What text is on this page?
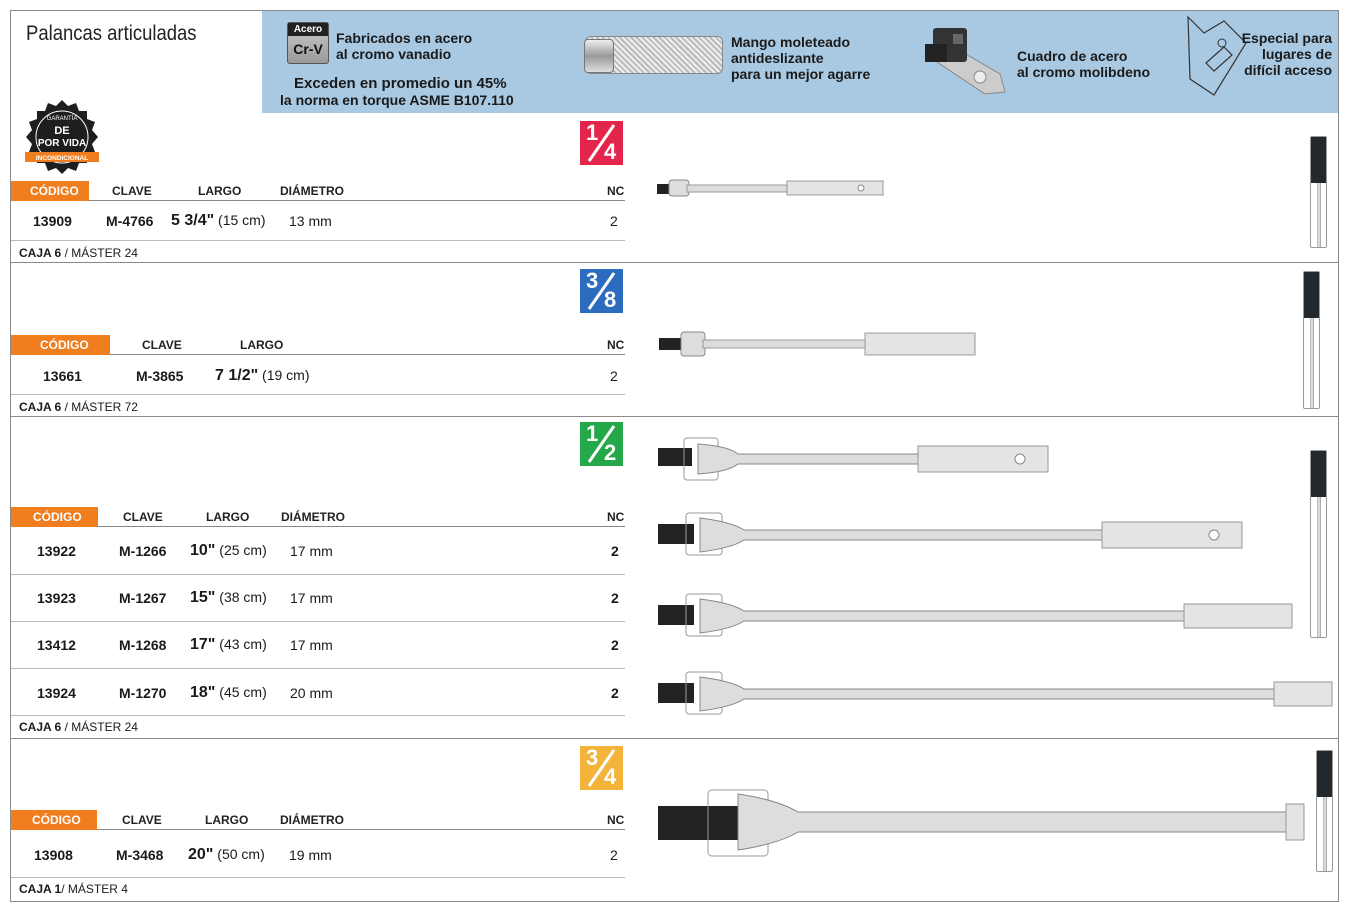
Palancas articuladas	Acero
Cr-V
Fabricados en acero
al cromo vanadio
Exceden en promedio un 45%
la norma en torque ASME B107.110
Mango moleteado
antideslizante
para un mejor agarre
Cuadro de acero
al cromo molibdeno
Especial para
lugares de
difícil acceso
GARANTÍA
DE
POR VIDA
INCONDICIONAL
1
4
CÓDIGO	CLAVE	LARGO	DIÁMETRO	NC
13909 M-4766 5 3/4" (15 cm) 13 mm	2
CAJA 6 / MÁSTER 24
3
8
CÓDIGO	CLAVE	LARGO	NC
13661	M-3865 7 1/2" (19 cm)	2
CAJA 6 / MÁSTER 72
1
2
CÓDIGO	CLAVE	LARGO	DIÁMETRO	NC
13922	M-1266 10" (25 cm) 17 mm	2
13923	M-1267 15" (38 cm) 17 mm	2
13412	M-1268 17" (43 cm) 17 mm	2
13924	M-1270 18" (45 cm) 20 mm	2
CAJA 6 / MÁSTER 24
3
4
CÓDIGO	CLAVE	LARGO	DIÁMETRO	NC
13908	M-3468 20" (50 cm) 19 mm	2
CAJA 1/ MÁSTER 4
